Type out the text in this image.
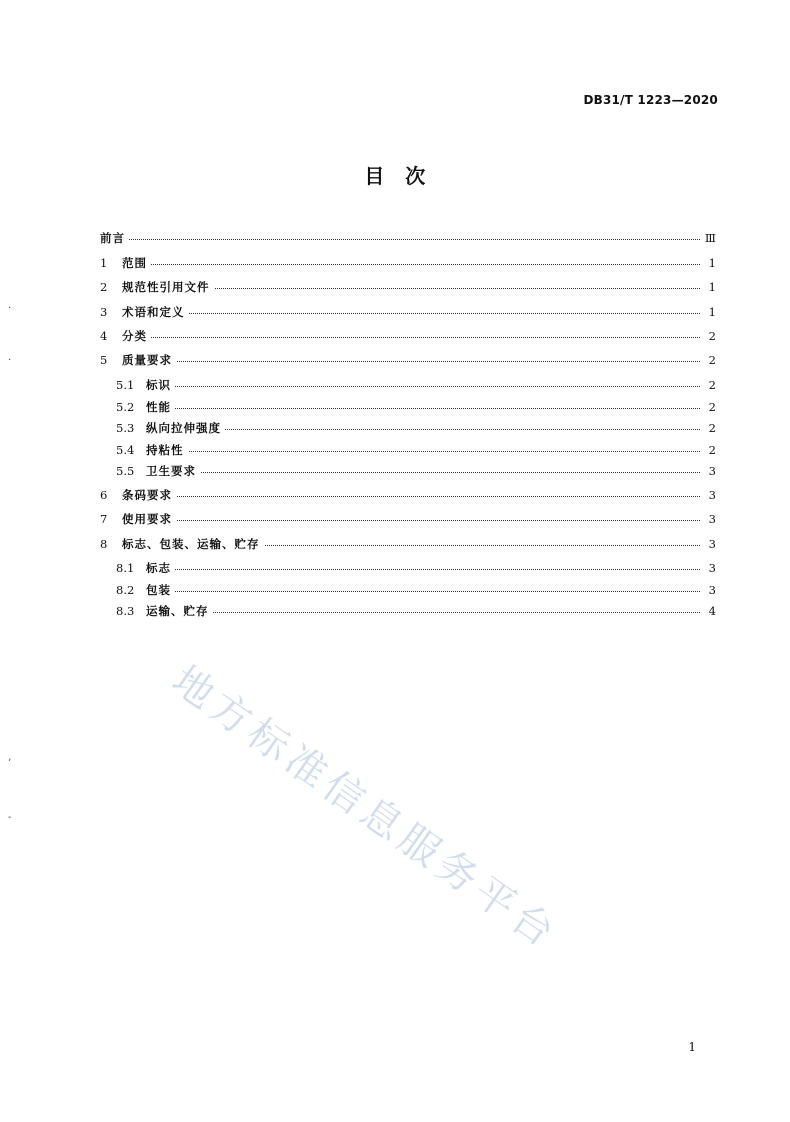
DB31/T 1223—2020
目　次
前言	Ⅲ
1 范围	1
2 规范性引用文件	1
3 术语和定义	1
4 分类	2
5 质量要求	2
5.1 标识	2
5.2 性能	2
5.3 纵向拉伸强度	2
5.4 持粘性	2
5.5 卫生要求	3
6 条码要求	3
7 使用要求	3
8 标志、包装、运输、贮存	3
8.1 标志	3
8.2 包装	3
8.3 运输、贮存	4
地方标准信息服务平台
1
.
.
’
-
